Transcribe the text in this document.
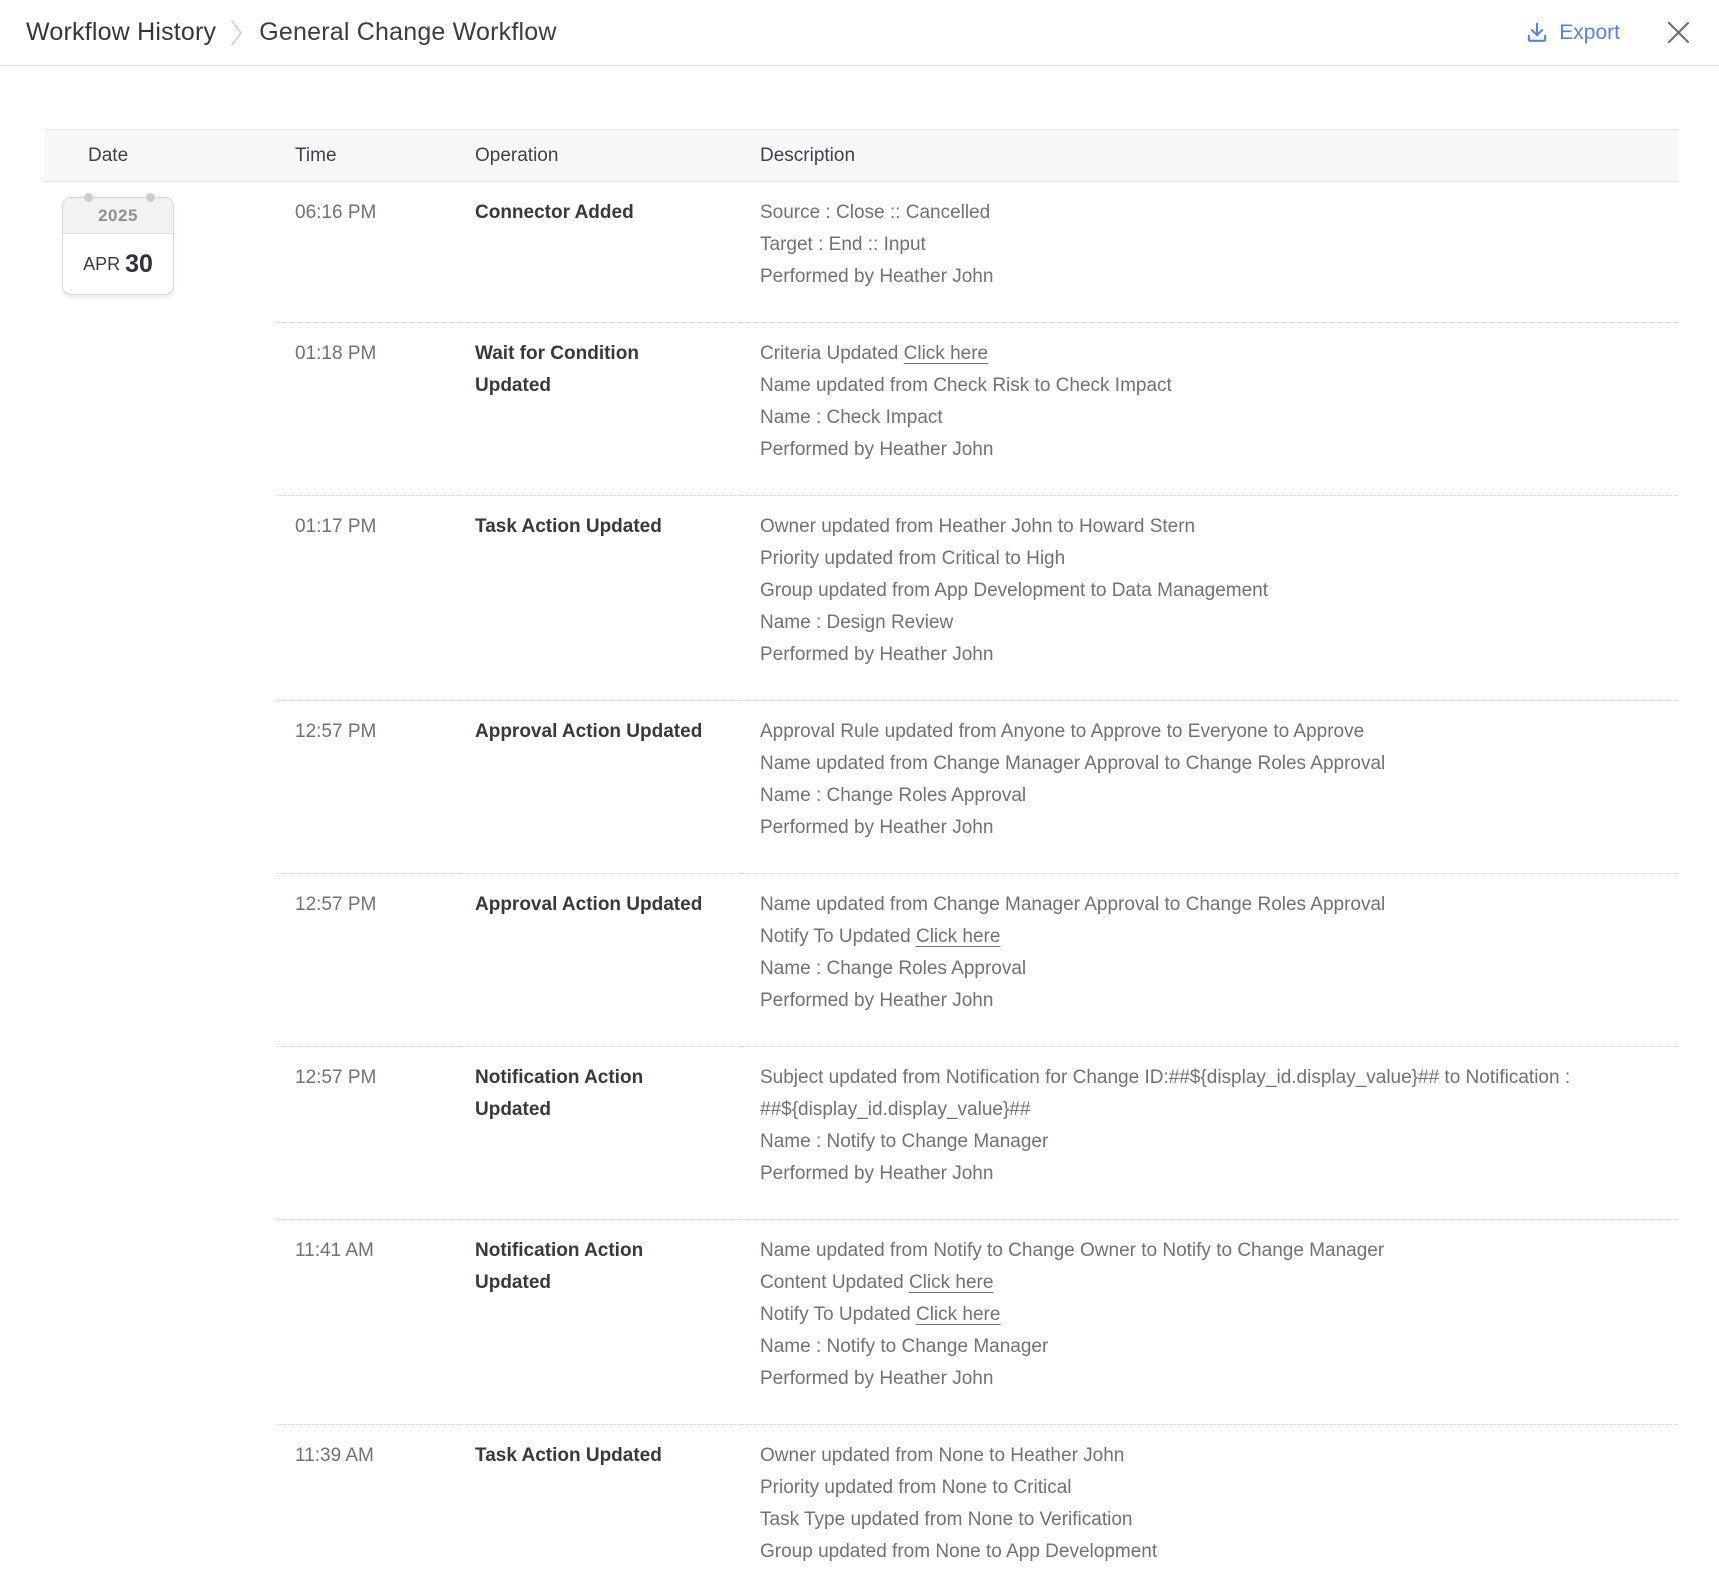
Workflow History General Change Workflow	Export
Date	Time	Operation	Description
2025
APR 30
06:16 PM	Connector Added	Source : Close :: Cancelled
Target : End :: Input
Performed by Heather John
01:18 PM	Wait for Condition Updated
Criteria Updated Click here
Name updated from Check Risk to Check Impact
Name : Check Impact
Performed by Heather John
01:17 PM	Task Action Updated	Owner updated from Heather John to Howard Stern
Priority updated from Critical to High
Group updated from App Development to Data Management
Name : Design Review
Performed by Heather John
12:57 PM	Approval Action Updated	Approval Rule updated from Anyone to Approve to Everyone to Approve
Name updated from Change Manager Approval to Change Roles Approval
Name : Change Roles Approval
Performed by Heather John
12:57 PM	Approval Action Updated	Name updated from Change Manager Approval to Change Roles Approval
Notify To Updated Click here
Name : Change Roles Approval
Performed by Heather John
12:57 PM	Notification Action Updated
Subject updated from Notification for Change ID:##${display_id.display_value}## to Notification : ##${display_id.display_value}##
Name : Notify to Change Manager
Performed by Heather John
11:41 AM	Notification Action Updated
Name updated from Notify to Change Owner to Notify to Change Manager
Content Updated Click here
Notify To Updated Click here
Name : Notify to Change Manager
Performed by Heather John
11:39 AM	Task Action Updated	Owner updated from None to Heather John
Priority updated from None to Critical
Task Type updated from None to Verification
Group updated from None to App Development
